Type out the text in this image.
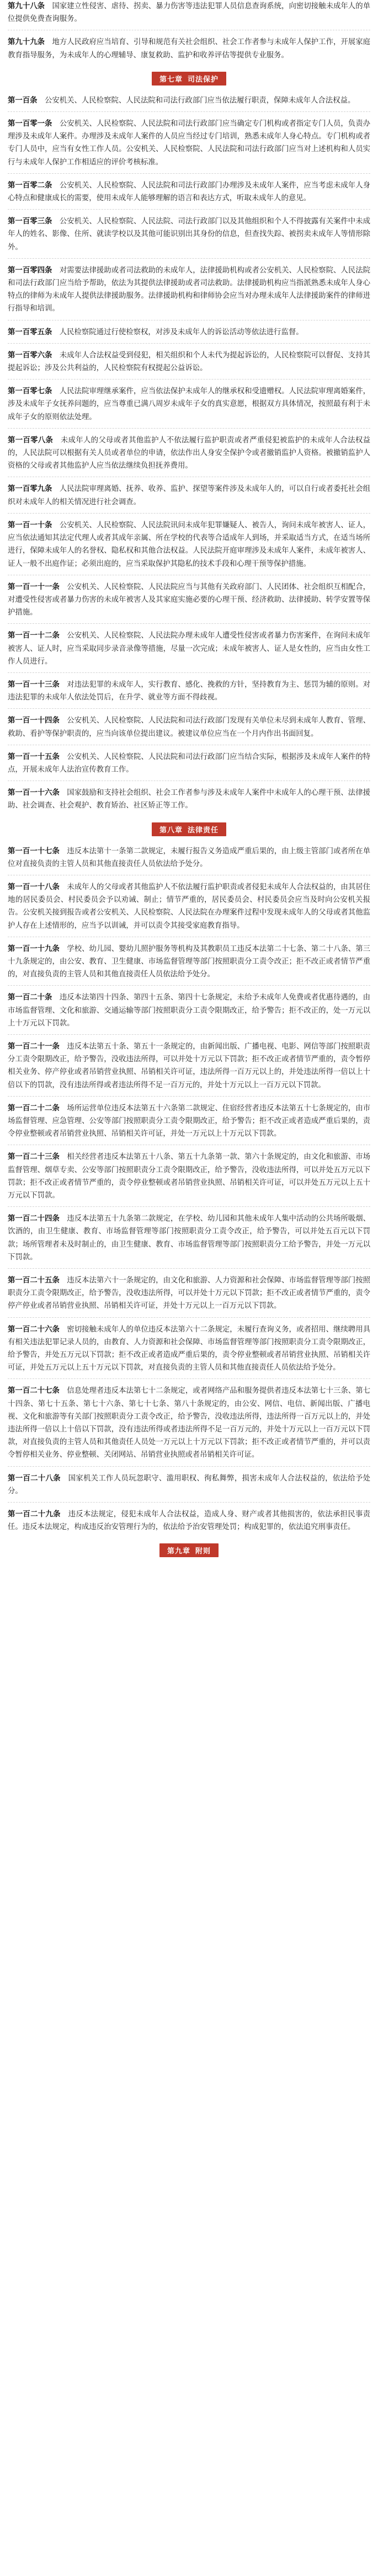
第九十八条　国家建立性侵害、虐待、拐卖、暴力伤害等违法犯罪人员信息查询系统，向密切接触未成年人的单位提供免费查询服务。

第九十九条　地方人民政府应当培育、引导和规范有关社会组织、社会工作者参与未成年人保护工作，开展家庭教育指导服务，为未成年人的心理辅导、康复救助、监护和收养评估等提供专业服务。

第七章 司法保护

第一百条　公安机关、人民检察院、人民法院和司法行政部门应当依法履行职责，保障未成年人合法权益。

第一百零一条　公安机关、人民检察院、人民法院和司法行政部门应当确定专门机构或者指定专门人员，负责办理涉及未成年人案件。办理涉及未成年人案件的人员应当经过专门培训，熟悉未成年人身心特点。专门机构或者专门人员中，应当有女性工作人员。公安机关、人民检察院、人民法院和司法行政部门应当对上述机构和人员实行与未成年人保护工作相适应的评价考核标准。

第一百零二条　公安机关、人民检察院、人民法院和司法行政部门办理涉及未成年人案件，应当考虑未成年人身心特点和健康成长的需要，使用未成年人能够理解的语言和表达方式，听取未成年人的意见。

第一百零三条　公安机关、人民检察院、人民法院、司法行政部门以及其他组织和个人不得披露有关案件中未成年人的姓名、影像、住所、就读学校以及其他可能识别出其身份的信息，但查找失踪、被拐卖未成年人等情形除外。

第一百零四条　对需要法律援助或者司法救助的未成年人，法律援助机构或者公安机关、人民检察院、人民法院和司法行政部门应当给予帮助，依法为其提供法律援助或者司法救助。法律援助机构应当指派熟悉未成年人身心特点的律师为未成年人提供法律援助服务。法律援助机构和律师协会应当对办理未成年人法律援助案件的律师进行指导和培训。

第一百零五条　人民检察院通过行使检察权，对涉及未成年人的诉讼活动等依法进行监督。

第一百零六条　未成年人合法权益受到侵犯，相关组织和个人未代为提起诉讼的，人民检察院可以督促、支持其提起诉讼；涉及公共利益的，人民检察院有权提起公益诉讼。

第一百零七条　人民法院审理继承案件，应当依法保护未成年人的继承权和受遗赠权。人民法院审理离婚案件，涉及未成年子女抚养问题的，应当尊重已满八周岁未成年子女的真实意愿，根据双方具体情况，按照最有利于未成年子女的原则依法处理。

第一百零八条　未成年人的父母或者其他监护人不依法履行监护职责或者严重侵犯被监护的未成年人合法权益的，人民法院可以根据有关人员或者单位的申请，依法作出人身安全保护令或者撤销监护人资格。被撤销监护人资格的父母或者其他监护人应当依法继续负担抚养费用。

第一百零九条　人民法院审理离婚、抚养、收养、监护、探望等案件涉及未成年人的，可以自行或者委托社会组织对未成年人的相关情况进行社会调查。

第一百一十条　公安机关、人民检察院、人民法院讯问未成年犯罪嫌疑人、被告人，询问未成年被害人、证人，应当依法通知其法定代理人或者其成年亲属、所在学校的代表等合适成年人到场，并采取适当方式，在适当场所进行，保障未成年人的名誉权、隐私权和其他合法权益。人民法院开庭审理涉及未成年人案件，未成年被害人、证人一般不出庭作证；必须出庭的，应当采取保护其隐私的技术手段和心理干预等保护措施。

第一百一十一条　公安机关、人民检察院、人民法院应当与其他有关政府部门、人民团体、社会组织互相配合，对遭受性侵害或者暴力伤害的未成年被害人及其家庭实施必要的心理干预、经济救助、法律援助、转学安置等保护措施。

第一百一十二条　公安机关、人民检察院、人民法院办理未成年人遭受性侵害或者暴力伤害案件，在询问未成年被害人、证人时，应当采取同步录音录像等措施，尽量一次完成；未成年被害人、证人是女性的，应当由女性工作人员进行。

第一百一十三条　对违法犯罪的未成年人，实行教育、感化、挽救的方针，坚持教育为主、惩罚为辅的原则。对违法犯罪的未成年人依法处罚后，在升学、就业等方面不得歧视。

第一百一十四条　公安机关、人民检察院、人民法院和司法行政部门发现有关单位未尽到未成年人教育、管理、救助、看护等保护职责的，应当向该单位提出建议。被建议单位应当在一个月内作出书面回复。

第一百一十五条　公安机关、人民检察院、人民法院和司法行政部门应当结合实际，根据涉及未成年人案件的特点，开展未成年人法治宣传教育工作。

第一百一十六条　国家鼓励和支持社会组织、社会工作者参与涉及未成年人案件中未成年人的心理干预、法律援助、社会调查、社会观护、教育矫治、社区矫正等工作。

第八章 法律责任

第一百一十七条　违反本法第十一条第二款规定，未履行报告义务造成严重后果的，由上级主管部门或者所在单位对直接负责的主管人员和其他直接责任人员依法给予处分。

第一百一十八条　未成年人的父母或者其他监护人不依法履行监护职责或者侵犯未成年人合法权益的，由其居住地的居民委员会、村民委员会予以劝诫、制止；情节严重的，居民委员会、村民委员会应当及时向公安机关报告。公安机关接到报告或者公安机关、人民检察院、人民法院在办理案件过程中发现未成年人的父母或者其他监护人存在上述情形的，应当予以训诫，并可以责令其接受家庭教育指导。

第一百一十九条　学校、幼儿园、婴幼儿照护服务等机构及其教职员工违反本法第二十七条、第二十八条、第三十九条规定的，由公安、教育、卫生健康、市场监督管理等部门按照职责分工责令改正；拒不改正或者情节严重的，对直接负责的主管人员和其他直接责任人员依法给予处分。

第一百二十条　违反本法第四十四条、第四十五条、第四十七条规定，未给予未成年人免费或者优惠待遇的，由市场监督管理、文化和旅游、交通运输等部门按照职责分工责令限期改正，给予警告；拒不改正的，处一万元以上十万元以下罚款。

第一百二十一条　违反本法第五十条、第五十一条规定的，由新闻出版、广播电视、电影、网信等部门按照职责分工责令限期改正，给予警告，没收违法所得，可以并处十万元以下罚款；拒不改正或者情节严重的，责令暂停相关业务、停产停业或者吊销营业执照、吊销相关许可证，违法所得一百万元以上的，并处违法所得一倍以上十倍以下的罚款，没有违法所得或者违法所得不足一百万元的，并处十万元以上一百万元以下罚款。

第一百二十二条　场所运营单位违反本法第五十六条第二款规定、住宿经营者违反本法第五十七条规定的，由市场监督管理、应急管理、公安等部门按照职责分工责令限期改正，给予警告；拒不改正或者造成严重后果的，责令停业整顿或者吊销营业执照、吊销相关许可证，并处一万元以上十万元以下罚款。

第一百二十三条　相关经营者违反本法第五十八条、第五十九条第一款、第六十条规定的，由文化和旅游、市场监督管理、烟草专卖、公安等部门按照职责分工责令限期改正，给予警告，没收违法所得，可以并处五万元以下罚款；拒不改正或者情节严重的，责令停业整顿或者吊销营业执照、吊销相关许可证，可以并处五万元以上五十万元以下罚款。

第一百二十四条　违反本法第五十九条第二款规定，在学校、幼儿园和其他未成年人集中活动的公共场所吸烟、饮酒的，由卫生健康、教育、市场监督管理等部门按照职责分工责令改正，给予警告，可以并处五百元以下罚款；场所管理者未及时制止的，由卫生健康、教育、市场监督管理等部门按照职责分工给予警告，并处一万元以下罚款。

第一百二十五条　违反本法第六十一条规定的，由文化和旅游、人力资源和社会保障、市场监督管理等部门按照职责分工责令限期改正，给予警告，没收违法所得，可以并处十万元以下罚款；拒不改正或者情节严重的，责令停产停业或者吊销营业执照、吊销相关许可证，并处十万元以上一百万元以下罚款。

第一百二十六条　密切接触未成年人的单位违反本法第六十二条规定，未履行查询义务，或者招用、继续聘用具有相关违法犯罪记录人员的，由教育、人力资源和社会保障、市场监督管理等部门按照职责分工责令限期改正，给予警告，并处五万元以下罚款；拒不改正或者造成严重后果的，责令停业整顿或者吊销营业执照、吊销相关许可证，并处五万元以上五十万元以下罚款，对直接负责的主管人员和其他直接责任人员依法给予处分。

第一百二十七条　信息处理者违反本法第七十二条规定，或者网络产品和服务提供者违反本法第七十三条、第七十四条、第七十五条、第七十六条、第七十七条、第八十条规定的，由公安、网信、电信、新闻出版、广播电视、文化和旅游等有关部门按照职责分工责令改正，给予警告，没收违法所得，违法所得一百万元以上的，并处违法所得一倍以上十倍以下罚款，没有违法所得或者违法所得不足一百万元的，并处十万元以上一百万元以下罚款，对直接负责的主管人员和其他责任人员处一万元以上十万元以下罚款；拒不改正或者情节严重的，并可以责令暂停相关业务、停业整顿、关闭网站、吊销营业执照或者吊销相关许可证。

第一百二十八条　国家机关工作人员玩忽职守、滥用职权、徇私舞弊，损害未成年人合法权益的，依法给予处分。

第一百二十九条　违反本法规定，侵犯未成年人合法权益，造成人身、财产或者其他损害的，依法承担民事责任。违反本法规定，构成违反治安管理行为的，依法给予治安管理处罚；构成犯罪的，依法追究刑事责任。

第九章 附则
